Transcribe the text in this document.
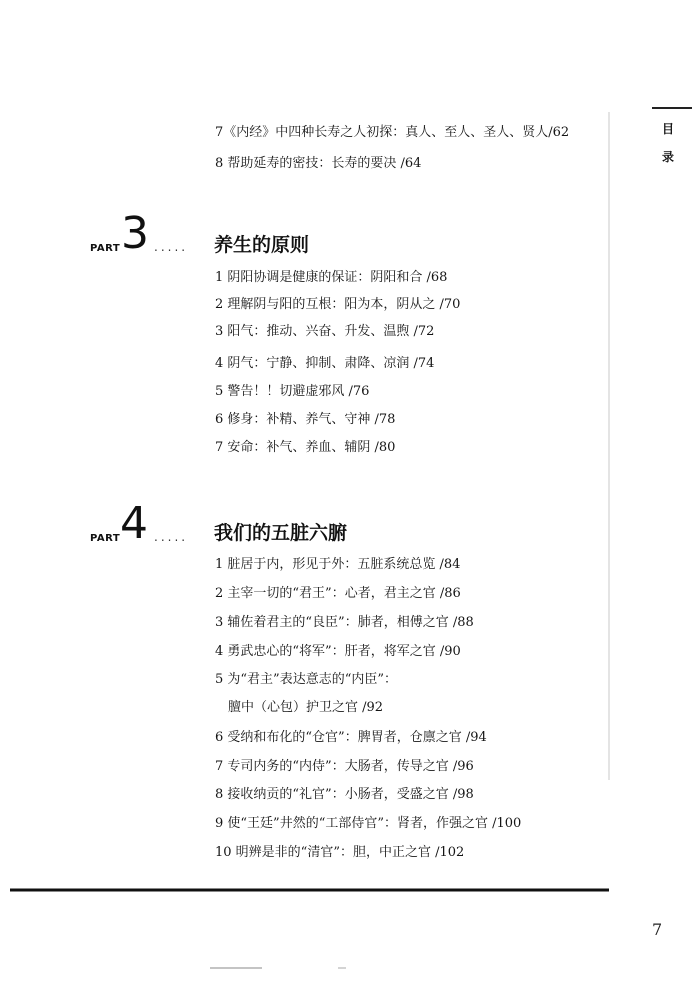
目
录
7《内经》中四种长寿之人初探：真人、至人、圣人、贤人/62
8 帮助延寿的密技：长寿的要决 /64
PART 3 ..... 养生的原则
1 阴阳协调是健康的保证：阴阳和合 /68
2 理解阴与阳的互根：阳为本，阴从之 /70
3 阳气：推动、兴奋、升发、温煦 /72
4 阴气：宁静、抑制、肃降、凉润 /74
5 警告！！切避虚邪风 /76
6 修身：补精、养气、守神 /78
7 安命：补气、养血、辅阴 /80
PART 4 ..... 我们的五脏六腑
1 脏居于内，形见于外：五脏系统总览 /84
2 主宰一切的“君王”：心者，君主之官 /86
3 辅佐着君主的“良臣”：肺者，相傅之官 /88
4 勇武忠心的“将军”：肝者，将军之官 /90
5 为“君主”表达意志的“内臣”：
膻中（心包）护卫之官 /92
6 受纳和布化的“仓官”：脾胃者，仓廪之官 /94
7 专司内务的“内侍”：大肠者，传导之官 /96
8 接收纳贡的“礼官”：小肠者，受盛之官 /98
9 使“王廷”井然的“工部侍官”：肾者，作强之官 /100
10 明辨是非的“清官”：胆，中正之官 /102
7
